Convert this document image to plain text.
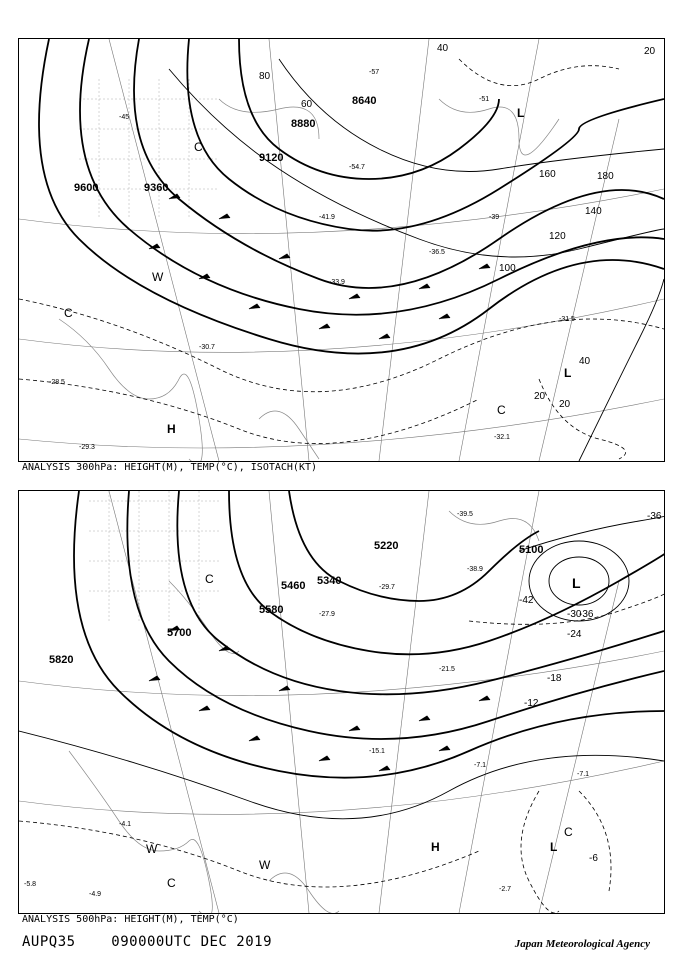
9600	9360
9120
8880
8640
20
40
60
80
100
120
140
160	180
20
20
40
-45
-51
-54.7
-57
-41.9	-39
-33.9
-36.5
-31.5
-30.7
-29.3
-32.1
-28.5
H
L
L
C
C
C
W
ANALYSIS 300hPa: HEIGHT(M), TEMP(°C), ISOTACH(KT)
5820
5700
5580
5460 5340
5220	5100
-42
-36
-30
-24
-18
-12
-6
-36
-39.5
-38.9
-29.7
-27.9
-21.5
-15.1
-7.1
-7.1
-2.7
-4.9
-4.1
-5.8
H
L
L
C
C
C
W
W
ANALYSIS 500hPa: HEIGHT(M), TEMP(°C)
AUPQ35    090000UTC DEC 2019	Japan Meteorological Agency
